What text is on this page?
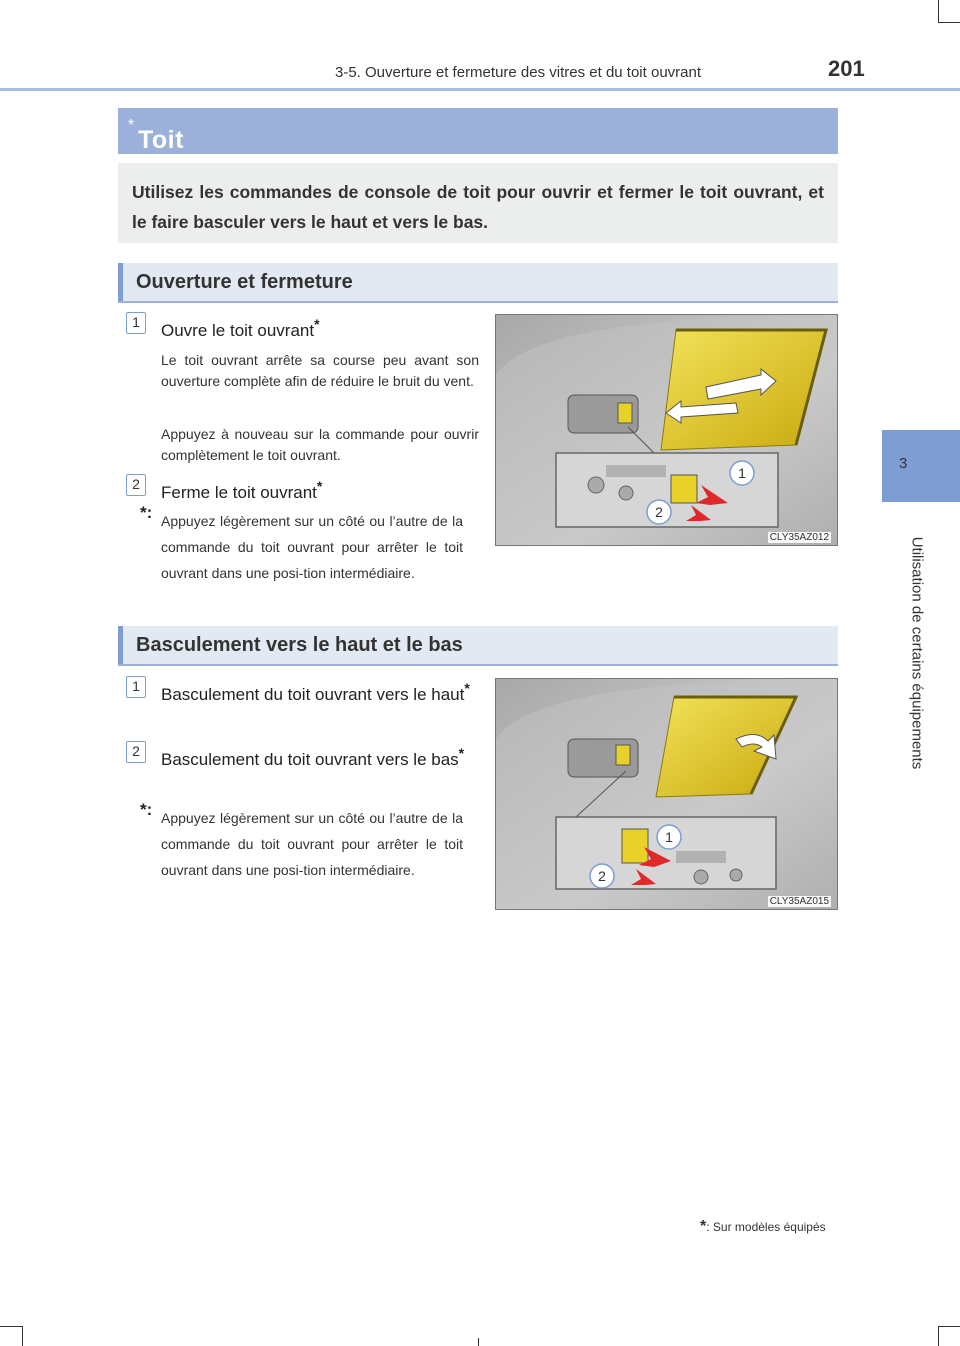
3-5. Ouverture et fermeture des vitres et du toit ouvrant	201
3
Utilisation de certains équipements
Toit
*
Utilisez les commandes de console de toit pour ouvrir et fermer le toit ouvrant, et le faire basculer vers le haut et vers le bas.
Ouverture et fermeture
1	Ouvre le toit ouvrant*
Le toit ouvrant arrête sa course peu avant son ouverture complète afin de réduire le bruit du vent.
Appuyez à nouveau sur la commande pour ouvrir complètement le toit ouvrant.
2	Ferme le toit ouvrant*
*: Appuyez légèrement sur un côté ou l’autre de la commande du toit ouvrant pour arrêter le toit ouvrant dans une posi-tion intermédiaire.
1
2
CLY35AZ012
Basculement vers le haut et le bas
1	Basculement du toit ouvrant vers le haut*
2	Basculement du toit ouvrant vers le bas*
*: Appuyez légèrement sur un côté ou l’autre de la commande du toit ouvrant pour arrêter le toit ouvrant dans une posi-tion intermédiaire.
1
2
CLY35AZ015
*: Sur modèles équipés
